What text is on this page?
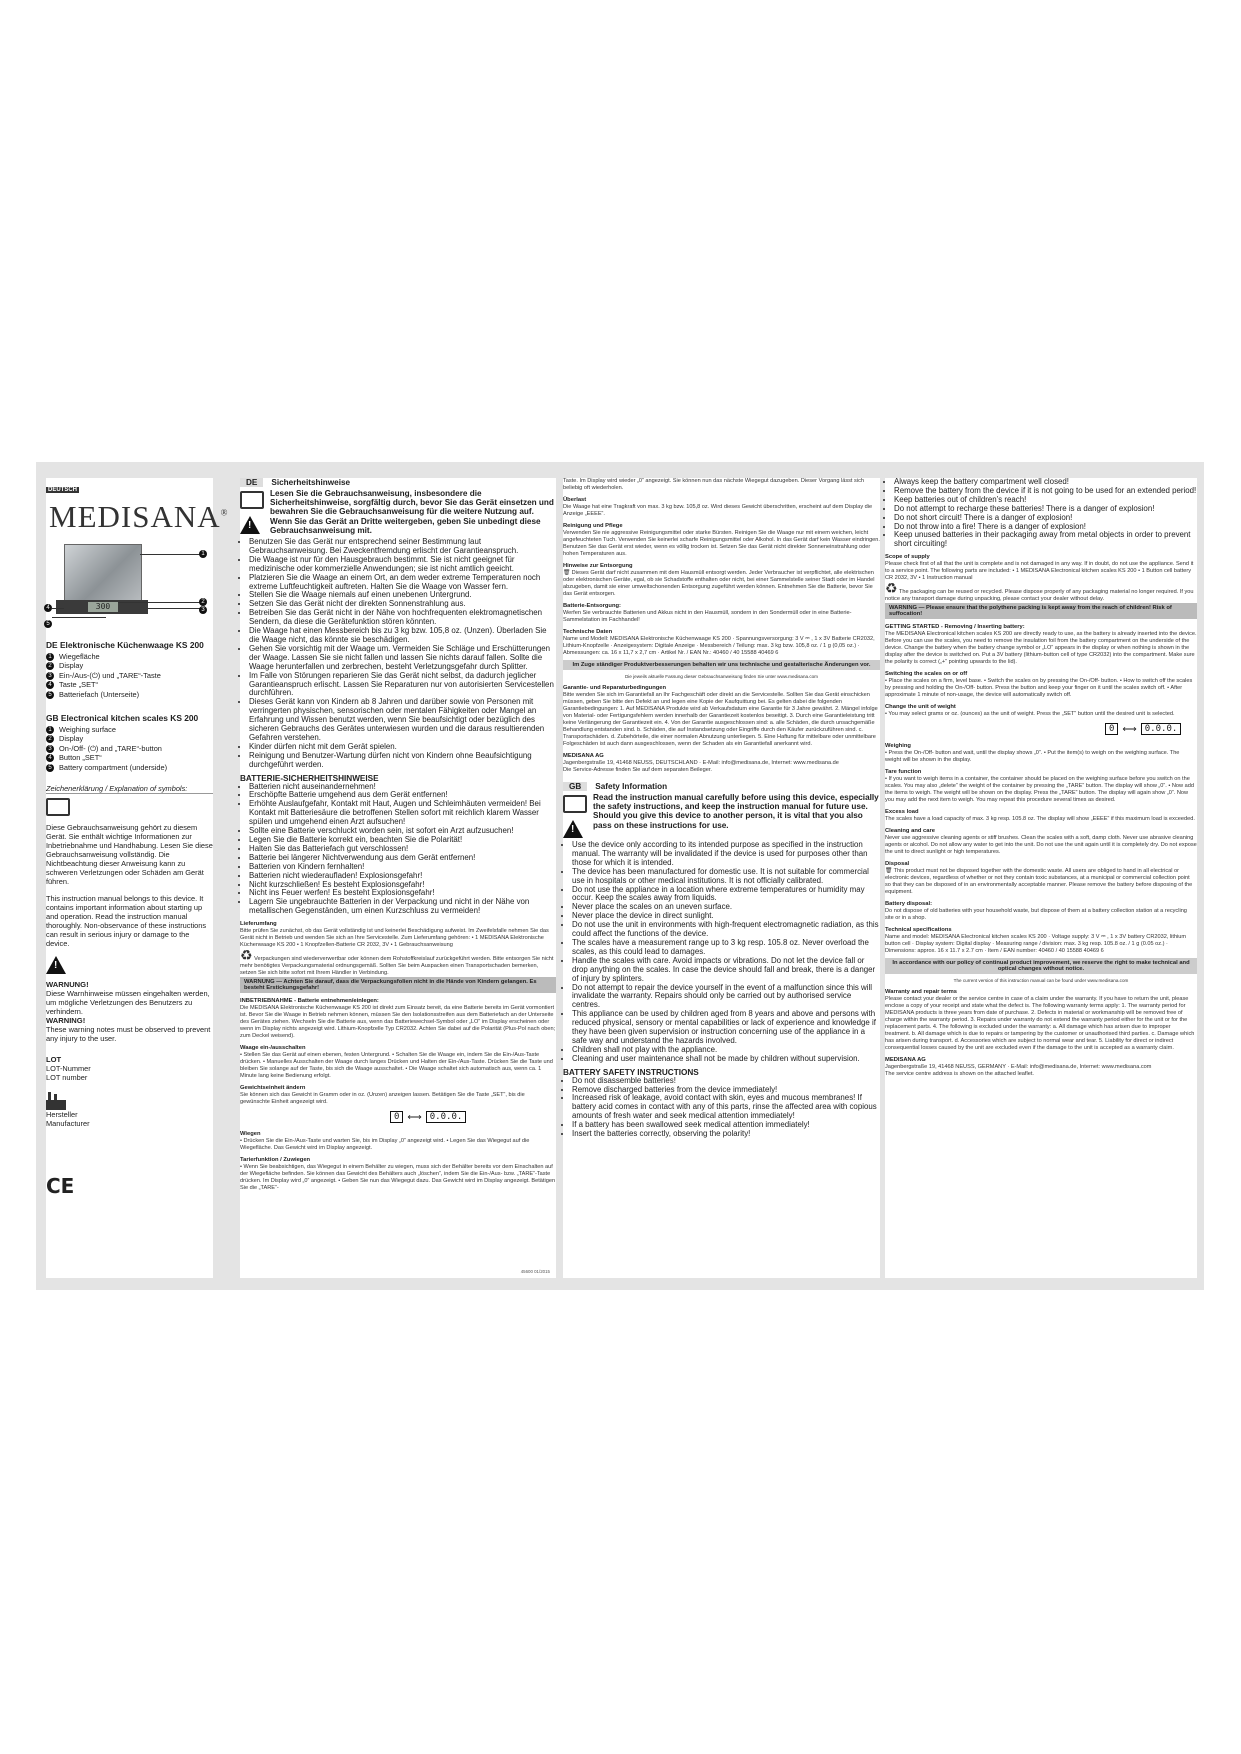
DEUTSCH
MEDISANA®
300
1
2
3
4
5
DE Elektronische Küchenwaage KS 200
1 Wiegefläche
2 Display
3 Ein-/Aus-(⏻) und „TARE“-Taste
4 Taste „SET“
5 Batteriefach (Unterseite)
GB Electronical kitchen scales KS 200
1 Weighing surface
2 Display
3 On-/Off- (⏻) and „TARE“-button
4 Button „SET“
5 Battery compartment (underside)
Zeichenerklärung / Explanation of symbols:
Diese Gebrauchsanweisung gehört zu diesem Gerät. Sie enthält wichtige Informationen zur Inbetriebnahme und Handhabung. Lesen Sie diese Gebrauchsanweisung vollständig. Die Nichtbeachtung dieser Anweisung kann zu schweren Verletzungen oder Schäden am Gerät führen.
This instruction manual belongs to this device. It contains important information about starting up and operation. Read the instruction manual thoroughly. Non-observance of these instructions can result in serious injury or damage to the device.
!
WARNUNG!
Diese Warnhinweise müssen eingehalten werden, um mögliche Verletzungen des Benutzers zu verhindern.
WARNING!
These warning notes must be observed to prevent any injury to the user.
LOT
LOT-Nummer
LOT number
Hersteller
Manufacturer
CE
DE	Sicherheitshinweise
!

Lesen Sie die Gebrauchsanweisung, insbesondere die Sicherheitshinweise, sorgfältig durch, bevor Sie das Gerät einsetzen und bewahren Sie die Gebrauchsanweisung für die weitere Nutzung auf. Wenn Sie das Gerät an Dritte weitergeben, geben Sie unbedingt diese Gebrauchsanweisung mit.

• Benutzen Sie das Gerät nur entsprechend seiner Bestimmung laut Gebrauchsanweisung. Bei Zweckentfremdung erlischt der Garantieanspruch.
• Die Waage ist nur für den Hausgebrauch bestimmt. Sie ist nicht geeignet für medizinische oder kommerzielle Anwendungen; sie ist nicht amtlich geeicht.
• Platzieren Sie die Waage an einem Ort, an dem weder extreme Temperaturen noch extreme Luftfeuchtigkeit auftreten. Halten Sie die Waage von Wasser fern.
• Stellen Sie die Waage niemals auf einen unebenen Untergrund.
• Setzen Sie das Gerät nicht der direkten Sonnenstrahlung aus.
• Betreiben Sie das Gerät nicht in der Nähe von hochfrequenten elektromagnetischen Sendern, da diese die Gerätefunktion stören könnten.
• Die Waage hat einen Messbereich bis zu 3 kg bzw. 105,8 oz. (Unzen). Überladen Sie die Waage nicht, das könnte sie beschädigen.
• Gehen Sie vorsichtig mit der Waage um. Vermeiden Sie Schläge und Erschütterungen der Waage. Lassen Sie sie nicht fallen und lassen Sie nichts darauf fallen. Sollte die Waage herunterfallen und zerbrechen, besteht Verletzungsgefahr durch Splitter.
• Im Falle von Störungen reparieren Sie das Gerät nicht selbst, da dadurch jeglicher Garantieanspruch erlischt. Lassen Sie Reparaturen nur von autorisierten Servicestellen durchführen.
• Dieses Gerät kann von Kindern ab 8 Jahren und darüber sowie von Personen mit verringerten physischen, sensorischen oder mentalen Fähigkeiten oder Mangel an Erfahrung und Wissen benutzt werden, wenn Sie beaufsichtigt oder bezüglich des sicheren Gebrauchs des Gerätes unterwiesen wurden und die daraus resultierenden Gefahren verstehen.
• Kinder dürfen nicht mit dem Gerät spielen.
• Reinigung und Benutzer-Wartung dürfen nicht von Kindern ohne Beaufsichtigung durchgeführt werden.
BATTERIE-SICHERHEITSHINWEISE
• Batterien nicht auseinandernehmen!
• Erschöpfte Batterie umgehend aus dem Gerät entfernen!
• Erhöhte Auslaufgefahr, Kontakt mit Haut, Augen und Schleimhäuten vermeiden! Bei Kontakt mit Batteriesäure die betroffenen Stellen sofort mit reichlich klarem Wasser spülen und umgehend einen Arzt aufsuchen!
• Sollte eine Batterie verschluckt worden sein, ist sofort ein Arzt aufzusuchen!
• Legen Sie die Batterie korrekt ein, beachten Sie die Polarität!
• Halten Sie das Batteriefach gut verschlossen!
• Batterie bei längerer Nichtverwendung aus dem Gerät entfernen!
• Batterien von Kindern fernhalten!
• Batterien nicht wiederaufladen! Explosionsgefahr!
• Nicht kurzschließen! Es besteht Explosionsgefahr!
• Nicht ins Feuer werfen! Es besteht Explosionsgefahr!
• Lagern Sie ungebrauchte Batterien in der Verpackung und nicht in der Nähe von metallischen Gegenständen, um einen Kurzschluss zu vermeiden!
Lieferumfang
Bitte prüfen Sie zunächst, ob das Gerät vollständig ist und keinerlei Beschädigung aufweist. Im Zweifelsfalle nehmen Sie das Gerät nicht in Betrieb und wenden Sie sich an Ihre Servicestelle. Zum Lieferumfang gehören: • 1 MEDISANA Elektronische Küchenwaage KS 200 • 1 Knopfzellen-Batterie CR 2032, 3V • 1 Gebrauchsanweisung
♻ Verpackungen sind wiederverwertbar oder können dem Rohstoffkreislauf zurückgeführt werden. Bitte entsorgen Sie nicht mehr benötigtes Verpackungsmaterial ordnungsgemäß. Sollten Sie beim Auspacken einen Transportschaden bemerken, setzen Sie sich bitte sofort mit Ihrem Händler in Verbindung.
WARNUNG — Achten Sie darauf, dass die Verpackungsfolien nicht in die Hände von Kindern gelangen. Es besteht Erstickungsgefahr!
INBETRIEBNAHME - Batterie entnehmen/einlegen:
Die MEDISANA Elektronische Küchenwaage KS 200 ist direkt zum Einsatz bereit, da eine Batterie bereits im Gerät vormontiert ist. Bevor Sie die Waage in Betrieb nehmen können, müssen Sie den Isolationsstreifen aus dem Batteriefach an der Unterseite des Gerätes ziehen. Wechseln Sie die Batterie aus, wenn das Batteriewechsel-Symbol oder „LO“ im Display erscheinen oder wenn im Display nichts angezeigt wird. Lithium-Knopfzelle Typ CR2032. Achten Sie dabei auf die Polarität (Plus-Pol nach oben; zum Deckel weisend).
Waage ein-/ausschalten
• Stellen Sie das Gerät auf einen ebenen, festen Untergrund. • Schalten Sie die Waage ein, indem Sie die Ein-/Aus-Taste drücken. • Manuelles Ausschalten der Waage durch langes Drücken und Halten der Ein-/Aus-Taste. Drücken Sie die Taste und bleiben Sie solange auf der Taste, bis sich die Waage ausschaltet. • Die Waage schaltet sich automatisch aus, wenn ca. 1 Minute lang keine Bedienung erfolgt.
Gewichtseinheit ändern
Sie können sich das Gewicht in Gramm oder in oz. (Unzen) anzeigen lassen. Betätigen Sie die Taste „SET“, bis die gewünschte Einheit angezeigt wird.
0 ⟷ 0.0.0.
Wiegen
• Drücken Sie die Ein-/Aus-Taste und warten Sie, bis im Display „0“ angezeigt wird. • Legen Sie das Wiegegut auf die Wiegefläche. Das Gewicht wird im Display angezeigt.
Tarierfunktion / Zuwiegen
• Wenn Sie beabsichtigen, das Wiegegut in einem Behälter zu wiegen, muss sich der Behälter bereits vor dem Einschalten auf der Wiegefläche befinden. Sie können das Gewicht des Behälters auch „löschen“, indem Sie die Ein-/Aus- bzw. „TARE“-Taste drücken. Im Display wird „0“ angezeigt. • Geben Sie nun das Wiegegut dazu. Das Gewicht wird im Display angezeigt. Betätigen Sie die „TARE“-
45600 01/2015
Taste. Im Display wird wieder „0“ angezeigt. Sie können nun das nächste Wiegegut dazugeben. Dieser Vorgang lässt sich beliebig oft wiederholen.
Überlast
Die Waage hat eine Tragkraft von max. 3 kg bzw. 105,8 oz. Wird dieses Gewicht überschritten, erscheint auf dem Display die Anzeige „EEEE“.
Reinigung und Pflege
Verwenden Sie nie aggressive Reinigungsmittel oder starke Bürsten. Reinigen Sie die Waage nur mit einem weichen, leicht angefeuchteten Tuch. Verwenden Sie keinerlei scharfe Reinigungsmittel oder Alkohol. In das Gerät darf kein Wasser eindringen. Benutzen Sie das Gerät erst wieder, wenn es völlig trocken ist. Setzen Sie das Gerät nicht direkter Sonneneinstrahlung oder hohen Temperaturen aus.
Hinweise zur Entsorgung
🗑 Dieses Gerät darf nicht zusammen mit dem Hausmüll entsorgt werden. Jeder Verbraucher ist verpflichtet, alle elektrischen oder elektronischen Geräte, egal, ob sie Schadstoffe enthalten oder nicht, bei einer Sammelstelle seiner Stadt oder im Handel abzugeben, damit sie einer umweltschonenden Entsorgung zugeführt werden können. Entnehmen Sie die Batterie, bevor Sie das Gerät entsorgen.
Batterie-Entsorgung:
Werfen Sie verbrauchte Batterien und Akkus nicht in den Hausmüll, sondern in den Sondermüll oder in eine Batterie-Sammelstation im Fachhandel!
Technische Daten
Name und Modell: MEDISANA Elektronische Küchenwaage KS 200 · Spannungsversorgung: 3 V ⎓ , 1 x 3V Batterie CR2032, Lithium-Knopfzelle · Anzeigesystem: Digitale Anzeige · Messbereich / Teilung: max. 3 kg bzw. 105,8 oz. / 1 g (0,05 oz.) · Abmessungen: ca. 16 x 11,7 x 2,7 cm · Artikel Nr. / EAN Nr.: 40460 / 40 15588 40469 6
Im Zuge ständiger Produktverbesserungen behalten wir uns technische und gestalterische Änderungen vor.
Die jeweils aktuelle Fassung dieser Gebrauchsanweisung finden Sie unter www.medisana.com
Garantie- und Reparaturbedingungen
Bitte wenden Sie sich im Garantiefall an Ihr Fachgeschäft oder direkt an die Servicestelle. Sollten Sie das Gerät einschicken müssen, geben Sie bitte den Defekt an und legen eine Kopie der Kaufquittung bei. Es gelten dabei die folgenden Garantiebedingungen: 1. Auf MEDISANA Produkte wird ab Verkaufsdatum eine Garantie für 3 Jahre gewährt. 2. Mängel infolge von Material- oder Fertigungsfehlern werden innerhalb der Garantiezeit kostenlos beseitigt. 3. Durch eine Garantieleistung tritt keine Verlängerung der Garantiezeit ein. 4. Von der Garantie ausgeschlossen sind: a. alle Schäden, die durch unsachgemäße Behandlung entstanden sind. b. Schäden, die auf Instandsetzung oder Eingriffe durch den Käufer zurückzuführen sind. c. Transportschäden. d. Zubehörteile, die einer normalen Abnutzung unterliegen. 5. Eine Haftung für mittelbare oder unmittelbare Folgeschäden ist auch dann ausgeschlossen, wenn der Schaden als ein Garantiefall anerkannt wird.
MEDISANA AG
Jagenbergstraße 19, 41468 NEUSS, DEUTSCHLAND · E-Mail: info@medisana.de, Internet: www.medisana.de
Die Service-Adresse finden Sie auf dem separaten Beileger.
GB	Safety Information
!

Read the instruction manual carefully before using this device, especially the safety instructions, and keep the instruction manual for future use. Should you give this device to another person, it is vital that you also pass on these instructions for use.

• Use the device only according to its intended purpose as specified in the instruction manual. The warranty will be invalidated if the device is used for purposes other than those for which it is intended.
• The device has been manufactured for domestic use. It is not suitable for commercial use in hospitals or other medical institutions. It is not officially calibrated.
• Do not use the appliance in a location where extreme temperatures or humidity may occur. Keep the scales away from liquids.
• Never place the scales on an uneven surface.
• Never place the device in direct sunlight.
• Do not use the unit in environments with high-frequent electromagnetic radiation, as this could affect the functions of the device.
• The scales have a measurement range up to 3 kg resp. 105.8 oz. Never overload the scales, as this could lead to damages.
• Handle the scales with care. Avoid impacts or vibrations. Do not let the device fall or drop anything on the scales. In case the device should fall and break, there is a danger of injury by splinters.
• Do not attempt to repair the device yourself in the event of a malfunction since this will invalidate the warranty. Repairs should only be carried out by authorised service centres.
• This appliance can be used by children aged from 8 years and above and persons with reduced physical, sensory or mental capabilities or lack of experience and knowledge if they have been given supervision or instruction concerning use of the appliance in a safe way and understand the hazards involved.
• Children shall not play with the appliance.
• Cleaning and user maintenance shall not be made by children without supervision.
BATTERY SAFETY INSTRUCTIONS
• Do not disassemble batteries!
• Remove discharged batteries from the device immediately!
• Increased risk of leakage, avoid contact with skin, eyes and mucous membranes! If battery acid comes in contact with any of this parts, rinse the affected area with copious amounts of fresh water and seek medical attention immediately!
• If a battery has been swallowed seek medical attention immediately!
• Insert the batteries correctly, observing the polarity!
• Always keep the battery compartment well closed!
• Remove the battery from the device if it is not going to be used for an extended period!
• Keep batteries out of children’s reach!
• Do not attempt to recharge these batteries! There is a danger of explosion!
• Do not short circuit! There is a danger of explosion!
• Do not throw into a fire! There is a danger of explosion!
• Keep unused batteries in their packaging away from metal objects in order to prevent short circuiting!
Scope of supply
Please check first of all that the unit is complete and is not damaged in any way. If in doubt, do not use the appliance. Send it to a service point. The following parts are included: • 1 MEDISANA Electronical kitchen scales KS 200 • 1 Button cell battery CR 2032, 3V • 1 Instruction manual
♻ The packaging can be reused or recycled. Please dispose properly of any packaging material no longer required. If you notice any transport damage during unpacking, please contact your dealer without delay.
WARNING — Please ensure that the polythene packing is kept away from the reach of children! Risk of suffocation!
GETTING STARTED - Removing / Inserting battery:
The MEDISANA Electronical kitchen scales KS 200 are directly ready to use, as the battery is already inserted into the device. Before you can use the scales, you need to remove the insulation foil from the battery compartment on the underside of the device. Change the battery when the battery change symbol or „LO“ appears in the display or when nothing is shown in the display after the device is switched on. Put a 3V battery (lithium-button cell of type CR2032) into the compartment. Make sure the polarity is correct („+“ pointing upwards to the lid).
Switching the scales on or off
• Place the scales on a firm, level base. • Switch the scales on by pressing the On-/Off- button. • How to switch off the scales by pressing and holding the On-/Off- button. Press the button and keep your finger on it until the scales switch off. • After approximate 1 minute of non-usage, the device will automatically switch off.
Change the unit of weight
• You may select grams or oz. (ounces) as the unit of weight. Press the „SET“ button until the desired unit is selected.
0 ⟷ 0.0.0.
Weighing
• Press the On-/Off- button and wait, until the display shows „0“. • Put the item(s) to weigh on the weighing surface. The weight will be shown in the display.
Tare function
• If you want to weigh items in a container, the container should be placed on the weighing surface before you switch on the scales. You may also „delete“ the weight of the container by pressing the „TARE“ button. The display will show „0“. • Now add the items to weigh. The weight will be shown on the display. Press the „TARE“ button. The display will again show „0“. Now you may add the next item to weigh. You may repeat this procedure several times as desired.
Excess load
The scales have a load capacity of max. 3 kg resp. 105.8 oz. The display will show „EEEE“ if this maximum load is exceeded.
Cleaning and care
Never use aggressive cleaning agents or stiff brushes. Clean the scales with a soft, damp cloth. Never use abrasive cleaning agents or alcohol. Do not allow any water to get into the unit. Do not use the unit again until it is completely dry. Do not expose the unit to direct sunlight or high temperatures.
Disposal
🗑 This product must not be disposed together with the domestic waste. All users are obliged to hand in all electrical or electronic devices, regardless of whether or not they contain toxic substances, at a municipal or commercial collection point so that they can be disposed of in an environmentally acceptable manner. Please remove the battery before disposing of the equipment.
Battery disposal:
Do not dispose of old batteries with your household waste, but dispose of them at a battery collection station at a recycling site or in a shop.
Technical specifications
Name and model: MEDISANA Electronical kitchen scales KS 200 · Voltage supply: 3 V ⎓ , 1 x 3V battery CR2032, lithium button cell · Display system: Digital display · Measuring range / division: max. 3 kg resp. 105.8 oz. / 1 g (0.05 oz.) · Dimensions: approx. 16 x 11.7 x 2.7 cm · Item / EAN number: 40460 / 40 15588 40469 6
In accordance with our policy of continual product improvement, we reserve the right to make technical and optical changes without notice.
The current version of this instruction manual can be found under www.medisana.com
Warranty and repair terms
Please contact your dealer or the service centre in case of a claim under the warranty. If you have to return the unit, please enclose a copy of your receipt and state what the defect is. The following warranty terms apply: 1. The warranty period for MEDISANA products is three years from date of purchase. 2. Defects in material or workmanship will be removed free of charge within the warranty period. 3. Repairs under warranty do not extend the warranty period either for the unit or for the replacement parts. 4. The following is excluded under the warranty: a. All damage which has arisen due to improper treatment. b. All damage which is due to repairs or tampering by the customer or unauthorised third parties. c. Damage which has arisen during transport. d. Accessories which are subject to normal wear and tear. 5. Liability for direct or indirect consequential losses caused by the unit are excluded even if the damage to the unit is accepted as a warranty claim.
MEDISANA AG
Jagenbergstraße 19, 41468 NEUSS, GERMANY · E-Mail: info@medisana.de, Internet: www.medisana.com
The service centre address is shown on the attached leaflet.
